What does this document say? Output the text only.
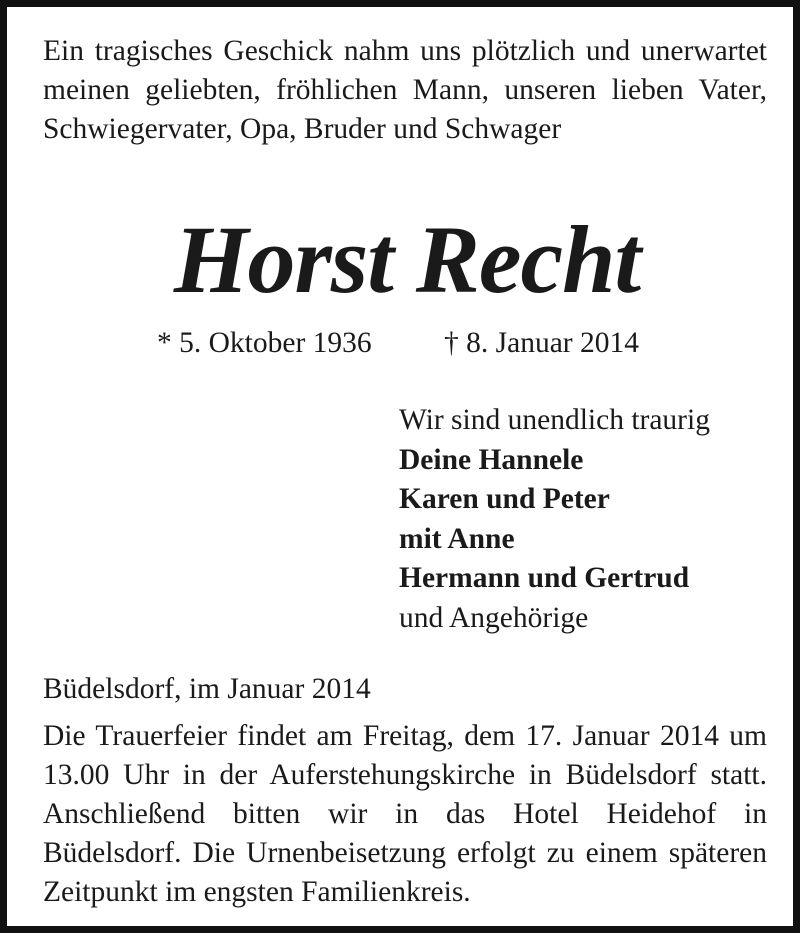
Ein tragisches Geschick nahm uns plötzlich und unerwartet meinen geliebten, fröhlichen Mann, unseren lieben Vater, Schwiegervater, Opa, Bruder und Schwager

Horst Recht
* 5. Oktober 1936 † 8. Januar 2014
Wir sind unendlich traurig
Deine Hannele
Karen und Peter
mit Anne
Hermann und Gertrud
und Angehörige
Büdelsdorf, im Januar 2014

Die Trauerfeier findet am Freitag, dem 17. Januar 2014 um 13.00 Uhr in der Auferstehungskirche in Büdelsdorf statt. Anschließend bitten wir in das Hotel Heidehof in Büdelsdorf. Die Urnenbeisetzung erfolgt zu einem späteren Zeitpunkt im engsten Familienkreis.
